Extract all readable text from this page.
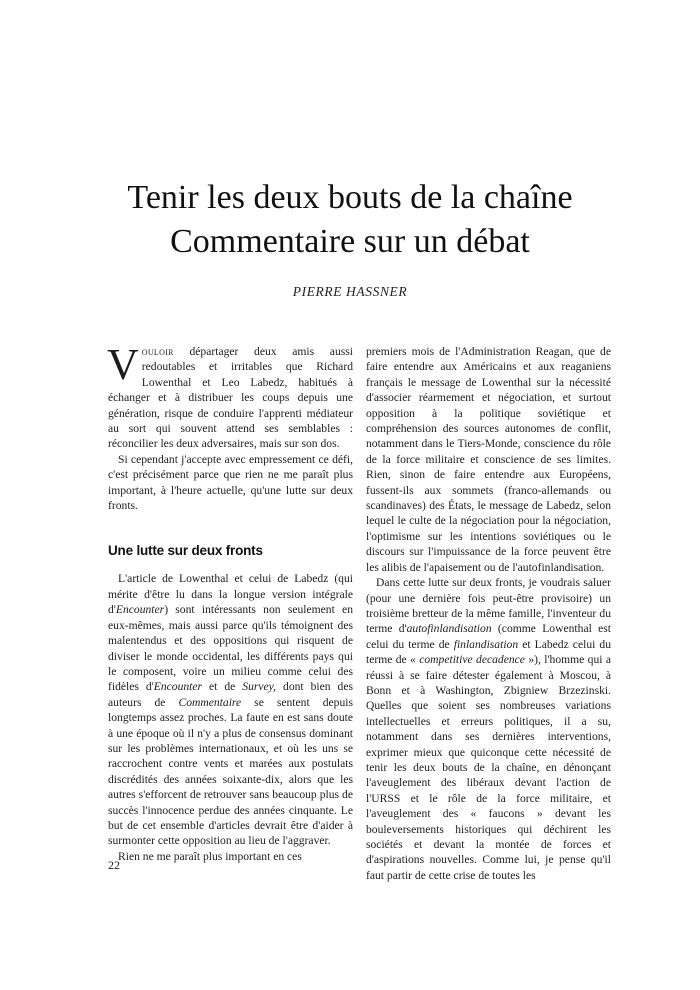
Tenir les deux bouts de la chaîne
Commentaire sur un débat
PIERRE HASSNER

Vouloir départager deux amis aussi redoutables et irritables que Richard Lowenthal et Leo Labedz, habitués à échanger et à distribuer les coups depuis une génération, risque de conduire l'apprenti médiateur au sort qui souvent attend ses semblables : réconcilier les deux adversaires, mais sur son dos.

Si cependant j'accepte avec empressement ce défi, c'est précisément parce que rien ne me paraît plus important, à l'heure actuelle, qu'une lutte sur deux fronts.

Une lutte sur deux fronts

L'article de Lowenthal et celui de Labedz (qui mérite d'être lu dans la longue version intégrale d'Encounter) sont intéressants non seulement en eux-mêmes, mais aussi parce qu'ils témoignent des malentendus et des oppositions qui risquent de diviser le monde occidental, les différents pays qui le composent, voire un milieu comme celui des fidèles d'Encounter et de Survey, dont bien des auteurs de Commentaire se sentent depuis longtemps assez proches. La faute en est sans doute à une époque où il n'y a plus de consensus dominant sur les problèmes internationaux, et où les uns se raccrochent contre vents et marées aux postulats discrédités des années soixante-dix, alors que les autres s'efforcent de retrouver sans beaucoup plus de succès l'innocence perdue des années cinquante. Le but de cet ensemble d'articles devrait être d'aider à surmonter cette opposition au lieu de l'aggraver.

Rien ne me paraît plus important en ces

premiers mois de l'Administration Reagan, que de faire entendre aux Américains et aux reaganiens français le message de Lowenthal sur la nécessité d'associer réarmement et négociation, et surtout opposition à la politique soviétique et compréhension des sources autonomes de conflit, notamment dans le Tiers-Monde, conscience du rôle de la force militaire et conscience de ses limites. Rien, sinon de faire entendre aux Européens, fussent-ils aux sommets (franco-allemands ou scandinaves) des États, le message de Labedz, selon lequel le culte de la négociation pour la négociation, l'optimisme sur les intentions soviétiques ou le discours sur l'impuissance de la force peuvent être les alibis de l'apaisement ou de l'autofinlandisation.

Dans cette lutte sur deux fronts, je voudrais saluer (pour une dernière fois peut-être provisoire) un troisième bretteur de la même famille, l'inventeur du terme d'autofinlandisation (comme Lowenthal est celui du terme de finlandisation et Labedz celui du terme de « competitive decadence »), l'homme qui a réussi à se faire détester également à Moscou, à Bonn et à Washington, Zbigniew Brzezinski. Quelles que soient ses nombreuses variations intellectuelles et erreurs politiques, il a su, notamment dans ses dernières interventions, exprimer mieux que quiconque cette nécessité de tenir les deux bouts de la chaîne, en dénonçant l'aveuglement des libéraux devant l'action de l'URSS et le rôle de la force militaire, et l'aveuglement des « faucons » devant les bouleversements historiques qui déchirent les sociétés et devant la montée de forces et d'aspirations nouvelles. Comme lui, je pense qu'il faut partir de cette crise de toutes les

22
